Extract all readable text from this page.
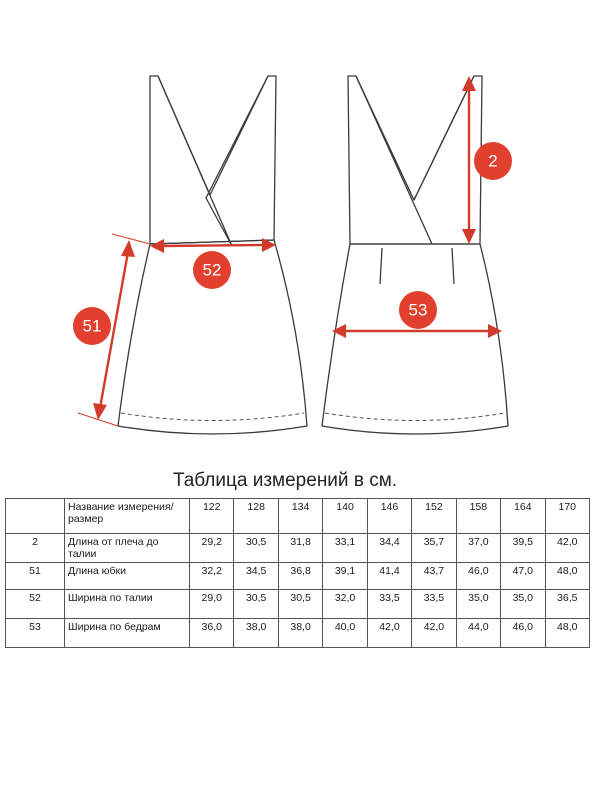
51
52
2
53
Таблица измерений в см.
	Название измерения/размер	122	128	134	140	146	152	158	164	170
2	Длина от плеча до талии	29,2	30,5	31,8	33,1	34,4	35,7	37,0	39,5	42,0
51	Длина юбки	32,2	34,5	36,8	39,1	41,4	43,7	46,0	47,0	48,0
52	Ширина по талии	29,0	30,5	30,5	32,0	33,5	33,5	35,0	35,0	36,5
53	Ширина по бедрам	36,0	38,0	38,0	40,0	42,0	42,0	44,0	46,0	48,0
